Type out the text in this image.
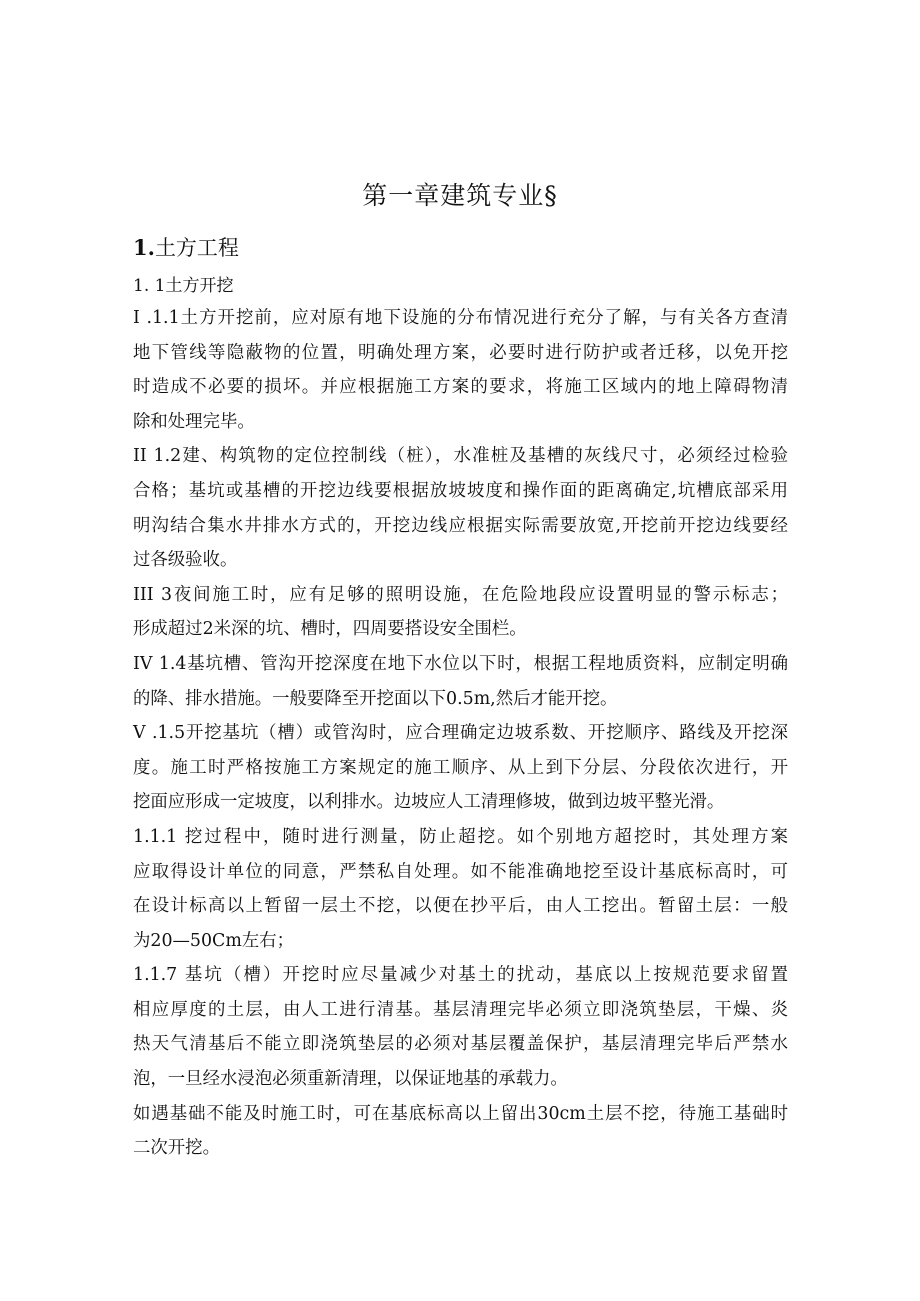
第一章建筑专业§
1.土方工程
1. 1土方开挖
I .1.1土方开挖前，应对原有地下设施的分布情况进行充分了解，与有关各方查清
地下管线等隐蔽物的位置，明确处理方案，必要时进行防护或者迁移，以免开挖
时造成不必要的损坏。并应根据施工方案的要求，将施工区域内的地上障碍物清
除和处理完毕。
II 1.2建、构筑物的定位控制线（桩），水准桩及基槽的灰线尺寸，必须经过检验
合格；基坑或基槽的开挖边线要根据放坡坡度和操作面的距离确定,坑槽底部采用
明沟结合集水井排水方式的，开挖边线应根据实际需要放宽,开挖前开挖边线要经
过各级验收。
III 3夜间施工时，应有足够的照明设施，在危险地段应设置明显的警示标志；
形成超过2米深的坑、槽时，四周要搭设安全围栏。
IV 1.4基坑槽、管沟开挖深度在地下水位以下时，根据工程地质资料，应制定明确
的降、排水措施。一般要降至开挖面以下0.5m,然后才能开挖。
V .1.5开挖基坑（槽）或管沟时，应合理确定边坡系数、开挖顺序、路线及开挖深
度。施工时严格按施工方案规定的施工顺序、从上到下分层、分段依次进行，开
挖面应形成一定坡度，以利排水。边坡应人工清理修坡，做到边坡平整光滑。
1.1.1 挖过程中，随时进行测量，防止超挖。如个别地方超挖时，其处理方案
应取得设计单位的同意，严禁私自处理。如不能准确地挖至设计基底标高时，可
在设计标高以上暂留一层土不挖，以便在抄平后，由人工挖出。暂留土层：一般
为20—50Cm左右；
1.1.7 基坑（槽）开挖时应尽量减少对基土的扰动，基底以上按规范要求留置
相应厚度的土层，由人工进行清基。基层清理完毕必须立即浇筑垫层，干燥、炎
热天气清基后不能立即浇筑垫层的必须对基层覆盖保护，基层清理完毕后严禁水
泡，一旦经水浸泡必须重新清理，以保证地基的承载力。
如遇基础不能及时施工时，可在基底标高以上留出30cm土层不挖，待施工基础时
二次开挖。
